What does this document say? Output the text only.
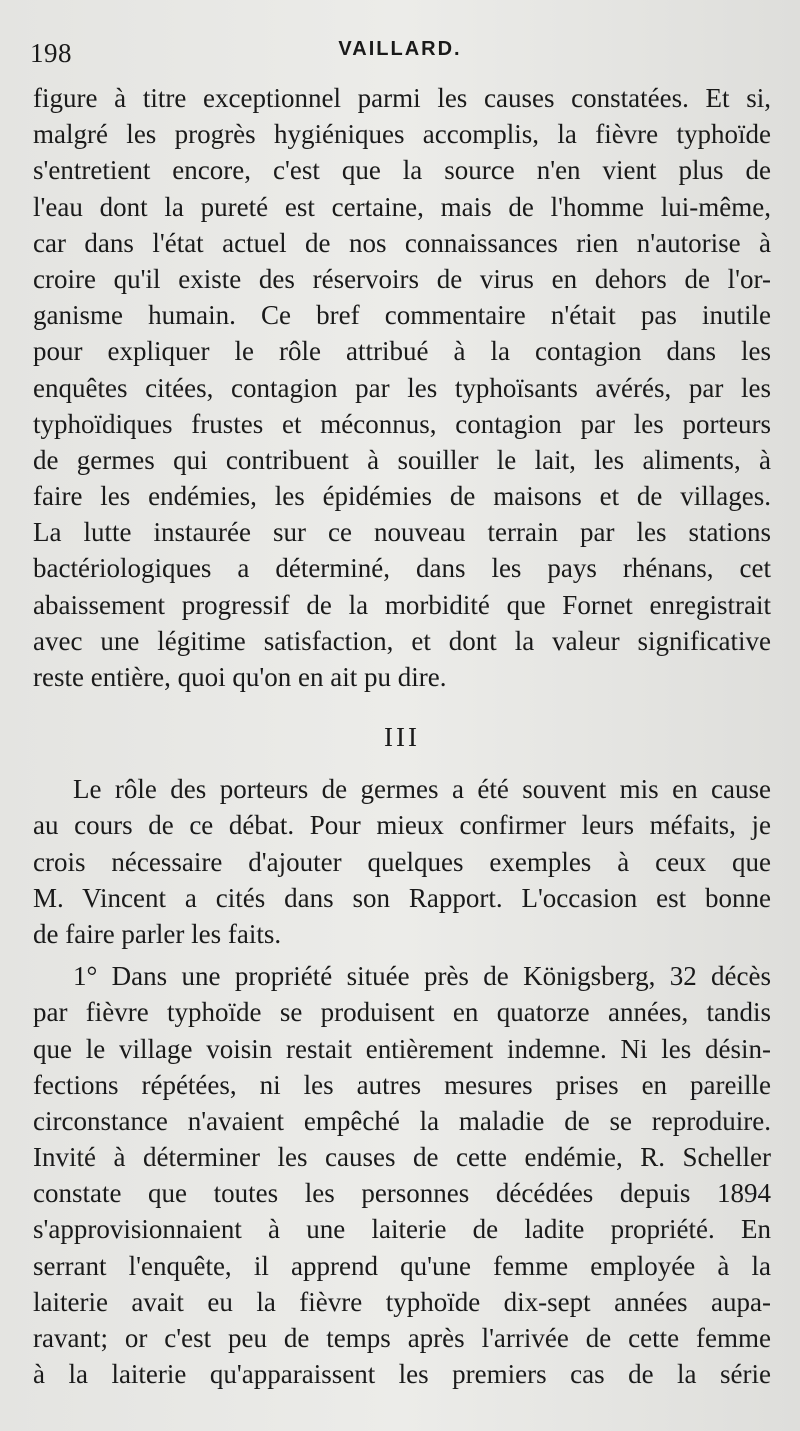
198	VAILLARD.
figure à titre exceptionnel parmi les causes constatées. Et si,
malgré les progrès hygiéniques accomplis, la fièvre typhoïde
s'entretient encore, c'est que la source n'en vient plus de
l'eau dont la pureté est certaine, mais de l'homme lui-même,
car dans l'état actuel de nos connaissances rien n'autorise à
croire qu'il existe des réservoirs de virus en dehors de l'or-
ganisme humain. Ce bref commentaire n'était pas inutile
pour expliquer le rôle attribué à la contagion dans les
enquêtes citées, contagion par les typhoïsants avérés, par les
typhoïdiques frustes et méconnus, contagion par les porteurs
de germes qui contribuent à souiller le lait, les aliments, à
faire les endémies, les épidémies de maisons et de villages.
La lutte instaurée sur ce nouveau terrain par les stations
bactériologiques a déterminé, dans les pays rhénans, cet
abaissement progressif de la morbidité que Fornet enregistrait
avec une légitime satisfaction, et dont la valeur significative
reste entière, quoi qu'on en ait pu dire.
III
Le rôle des porteurs de germes a été souvent mis en cause
au cours de ce débat. Pour mieux confirmer leurs méfaits, je
crois nécessaire d'ajouter quelques exemples à ceux que
M. Vincent a cités dans son Rapport. L'occasion est bonne
de faire parler les faits.
1° Dans une propriété située près de Königsberg, 32 décès
par fièvre typhoïde se produisent en quatorze années, tandis
que le village voisin restait entièrement indemne. Ni les désin-
fections répétées, ni les autres mesures prises en pareille
circonstance n'avaient empêché la maladie de se reproduire.
Invité à déterminer les causes de cette endémie, R. Scheller
constate que toutes les personnes décédées depuis 1894
s'approvisionnaient à une laiterie de ladite propriété. En
serrant l'enquête, il apprend qu'une femme employée à la
laiterie avait eu la fièvre typhoïde dix-sept années aupa-
ravant; or c'est peu de temps après l'arrivée de cette femme
à la laiterie qu'apparaissent les premiers cas de la série
